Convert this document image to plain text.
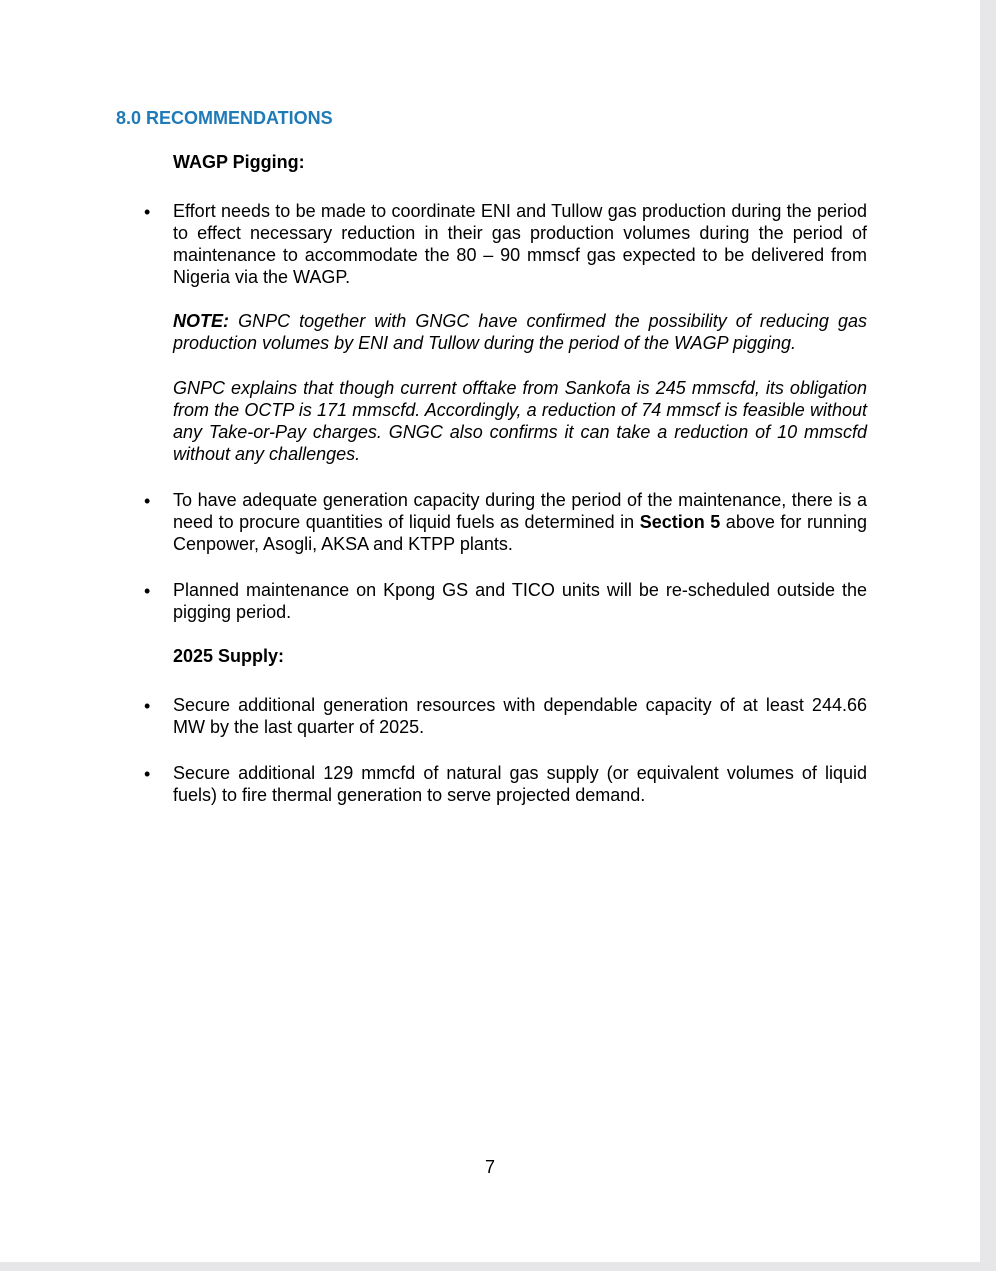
8.0 RECOMMENDATIONS
WAGP Pigging:
• Effort needs to be made to coordinate ENI and Tullow gas production during the period to effect necessary reduction in their gas production volumes during the period of maintenance to accommodate the 80 – 90 mmscf gas expected to be delivered from Nigeria via the WAGP.

NOTE: GNPC together with GNGC have confirmed the possibility of reducing gas production volumes by ENI and Tullow during the period of the WAGP pigging.

GNPC explains that though current offtake from Sankofa is 245 mmscfd, its obligation from the OCTP is 171 mmscfd. Accordingly, a reduction of 74 mmscf is feasible without any Take-or-Pay charges. GNGC also confirms it can take a reduction of 10 mmscfd without any challenges.

• To have adequate generation capacity during the period of the maintenance, there is a need to procure quantities of liquid fuels as determined in Section 5 above for running Cenpower, Asogli, AKSA and KTPP plants.

• Planned maintenance on Kpong GS and TICO units will be re-scheduled outside the pigging period.

2025 Supply:
• Secure additional generation resources with dependable capacity of at least 244.66 MW by the last quarter of 2025.

• Secure additional 129 mmcfd of natural gas supply (or equivalent volumes of liquid fuels) to fire thermal generation to serve projected demand.

7
